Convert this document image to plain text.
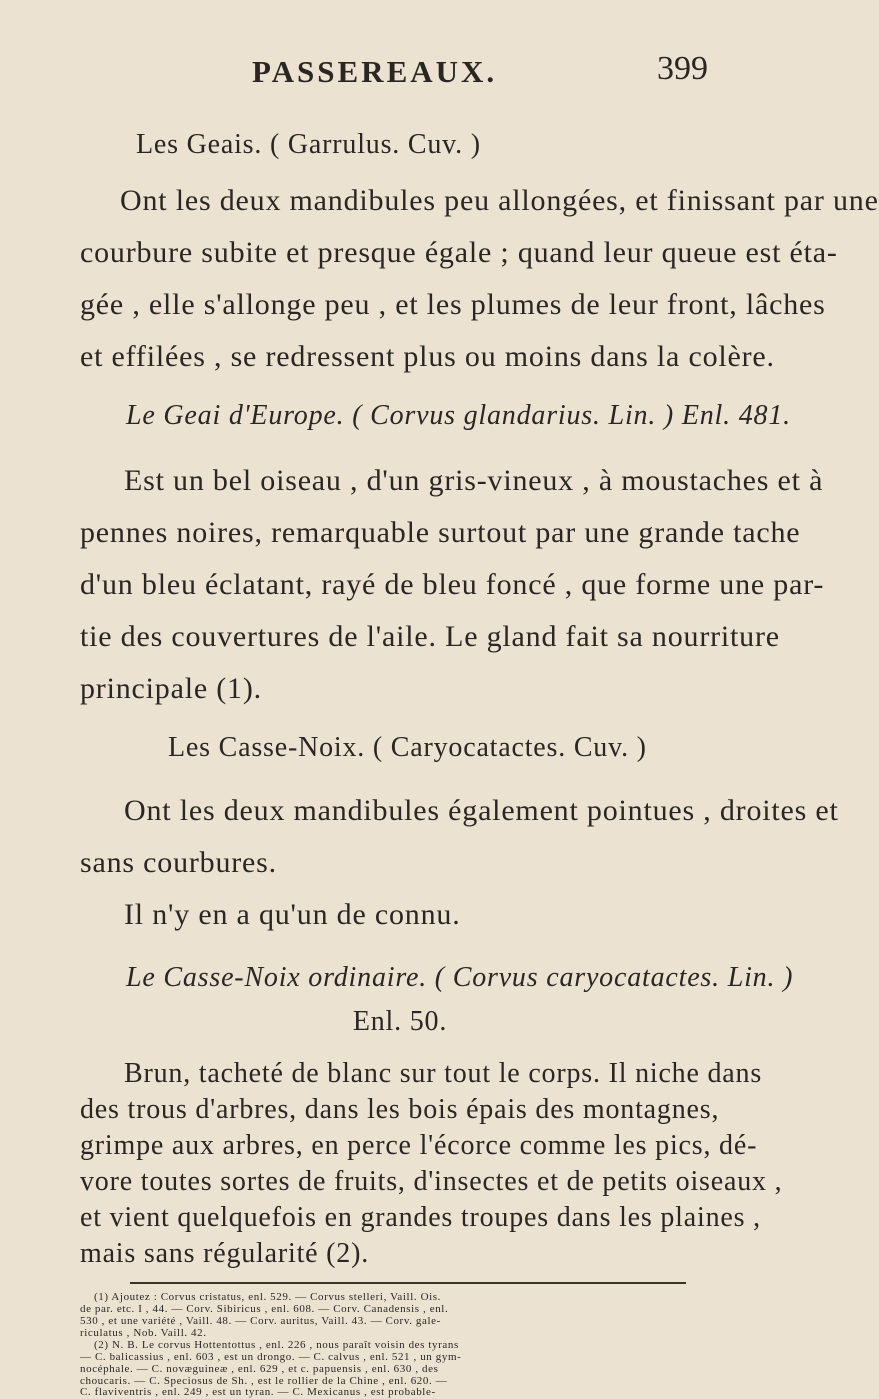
PASSEREAUX.	399
Les Geais. ( Garrulus. Cuv. )
Ont les deux mandibules peu allongées, et finissant par une
courbure subite et presque égale ; quand leur queue est éta-
gée , elle s'allonge peu , et les plumes de leur front, lâches
et effilées , se redressent plus ou moins dans la colère.
Le Geai d'Europe. ( Corvus glandarius. Lin. ) Enl. 481.
Est un bel oiseau , d'un gris-vineux , à moustaches et à
pennes noires, remarquable surtout par une grande tache
d'un bleu éclatant, rayé de bleu foncé , que forme une par-
tie des couvertures de l'aile. Le gland fait sa nourriture
principale (1).
Les Casse-Noix. ( Caryocatactes. Cuv. )
Ont les deux mandibules également pointues , droites et
sans courbures.
Il n'y en a qu'un de connu.
Le Casse-Noix ordinaire. ( Corvus caryocatactes. Lin. )
Enl. 50.
Brun, tacheté de blanc sur tout le corps. Il niche dans
des trous d'arbres, dans les bois épais des montagnes,
grimpe aux arbres, en perce l'écorce comme les pics, dé-
vore toutes sortes de fruits, d'insectes et de petits oiseaux ,
et vient quelquefois en grandes troupes dans les plaines ,
mais sans régularité (2).
(1) Ajoutez : Corvus cristatus, enl. 529. — Corvus stelleri, Vaill. Ois.
de par. etc. I , 44. — Corv. Sibiricus , enl. 608. — Corv. Canadensis , enl.
530 , et une variété , Vaill. 48. — Corv. auritus, Vaill. 43. — Corv. gale-
riculatus , Nob. Vaill. 42.
(2) N. B. Le corvus Hottentottus , enl. 226 , nous paraît voisin des tyrans
— C. balicassius , enl. 603 , est un drongo. — C. calvus , enl. 521 , un gym-
nocéphale. — C. novæguineæ , enl. 629 , et c. papuensis , enl. 630 , des
choucaris. — C. Speciosus de Sh. , est le rollier de la Chine , enl. 620. —
C. flaviventris , enl. 249 , est un tyran. — C. Mexicanus , est probable-
